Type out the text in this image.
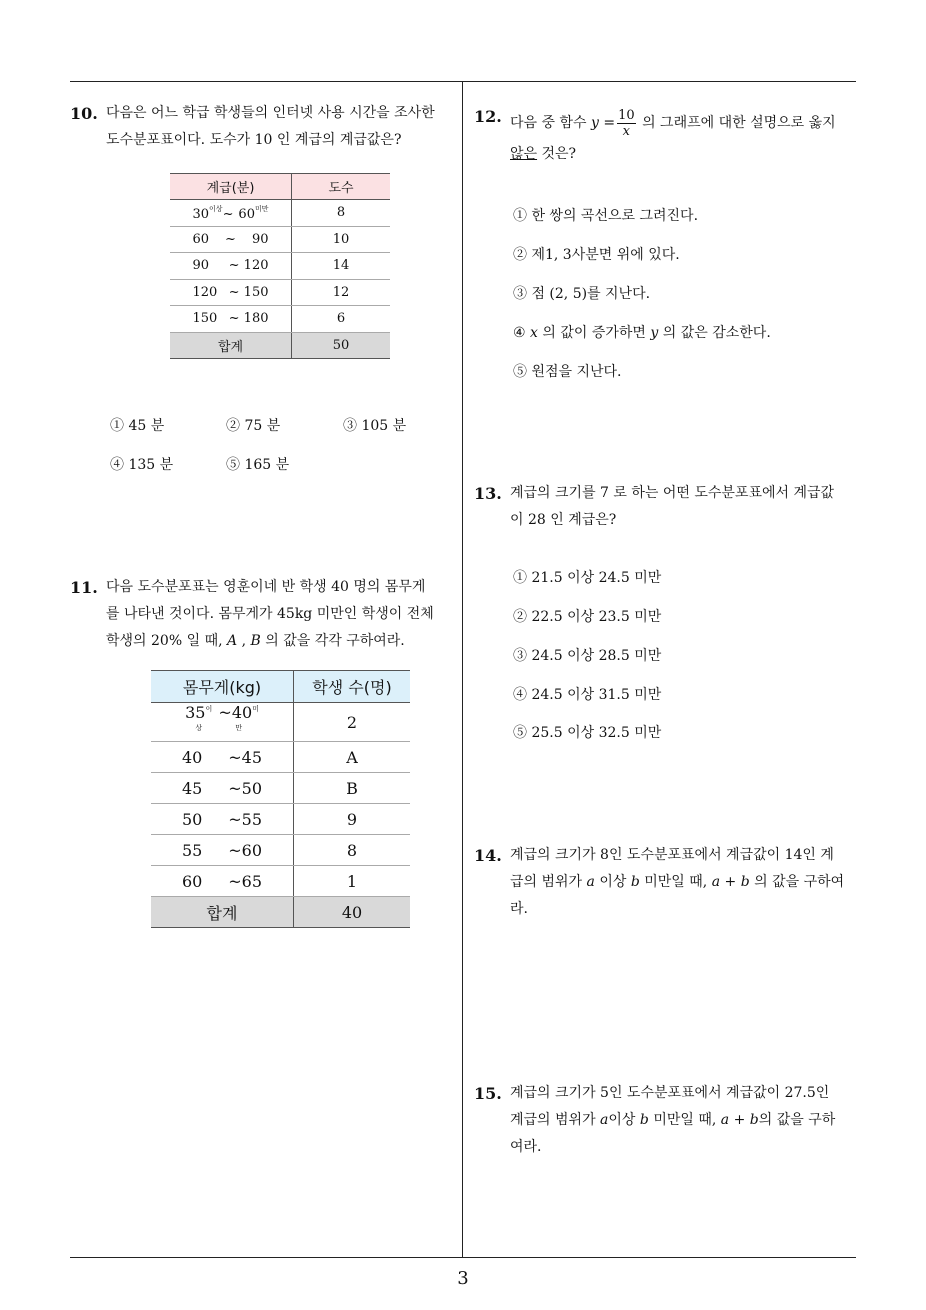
3
10. 다음은 어느 학급 학생들의 인터넷 사용 시간을 조사한
도수분포표이다. 도수가 10 인 계급의 계급값은?
계급(분)	도수

$30^{이상}\sim$ $60^{미만}$	8

60 ~ 90	10

90 ~ 120	14

120 ~ 150	12

150 ~ 180	6
합계	50
① 45 분	② 75 분	③ 105 분
④ 135 분	⑤ 165 분
11. 다음 도수분포표는 영훈이네 반 학생 40 명의 몸무게
를 나타낸 것이다. 몸무게가 45kg 미만인 학생이 전체
학생의 20% 일 때, A , B 의 값을 각각 구하여라.
몸무게(kg)	학생 수(명)

$35^{이상}$
$\sim 40^{미만}$	2

40 ~45	A

45 ~50	B

50 ~55	9

55 ~60	8

60 ~65	1
합계	40
12. 다음 중 함수 $y = \frac{10}{x}$ 의 그래프에 대한 설명으로 옳지
않은 것은?
① 한 쌍의 곡선으로 그려진다.
② 제1, 3사분면 위에 있다.
③ 점 (2, 5)를 지난다.
④ x 의 값이 증가하면 y 의 값은 감소한다.
⑤ 원점을 지난다.
13. 계급의 크기를 7 로 하는 어떤 도수분포표에서 계급값
이 28 인 계급은?
① 21.5 이상 24.5 미만
② 22.5 이상 23.5 미만
③ 24.5 이상 28.5 미만
④ 24.5 이상 31.5 미만
⑤ 25.5 이상 32.5 미만
14. 계급의 크기가 8인 도수분포표에서 계급값이 14인 계
급의 범위가 a 이상 b 미만일 때, a + b 의 값을 구하여
라.
15. 계급의 크기가 5인 도수분포표에서 계급값이 27.5인
계급의 범위가 a이상 b 미만일 때, a + b의 값을 구하
여라.
